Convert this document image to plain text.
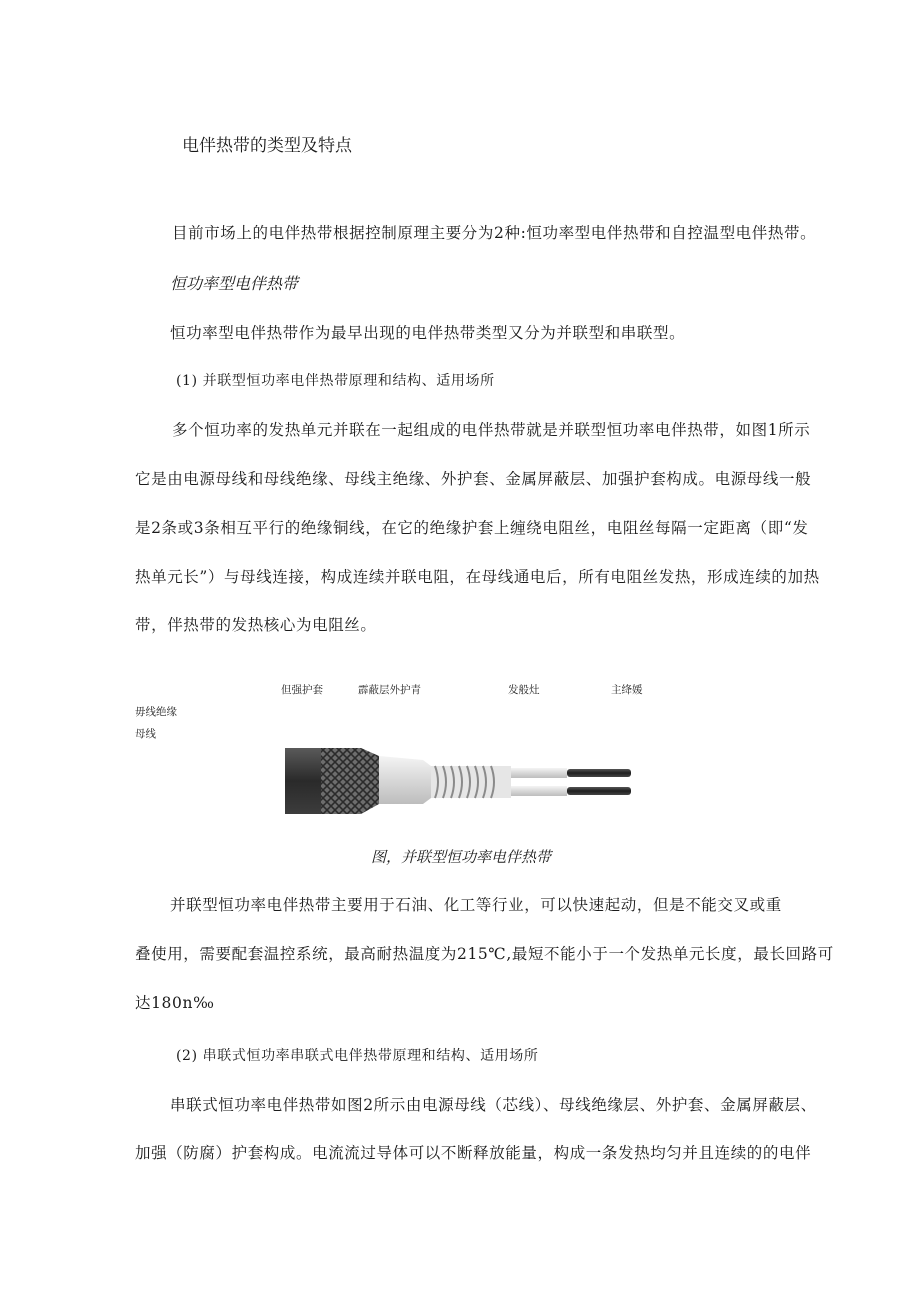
电伴热带的类型及特点
目前市场上的电伴热带根据控制原理主要分为2种:恒功率型电伴热带和自控温型电伴热带。
恒功率型电伴热带
恒功率型电伴热带作为最早出现的电伴热带类型又分为并联型和串联型。
(1) 并联型恒功率电伴热带原理和结构、适用场所
多个恒功率的发热单元并联在一起组成的电伴热带就是并联型恒功率电伴热带，如图1所示
它是由电源母线和母线绝缘、母线主绝缘、外护套、金属屏蔽层、加强护套构成。电源母线一般
是2条或3条相互平行的绝缘铜线，在它的绝缘护套上缠绕电阻丝，电阻丝每隔一定距离（即“发
热单元长”）与母线连接，构成连续并联电阻，在母线通电后，所有电阻丝发热，形成连续的加热
带，伴热带的发热核心为电阻丝。
但强护套	霹蔽层外护青	发般灶	主绛媛
毋线绝缘
母线
图，并联型恒功率电伴热带
并联型恒功率电伴热带主要用于石油、化工等行业，可以快速起动，但是不能交叉或重
叠使用，需要配套温控系统，最高耐热温度为215℃,最短不能小于一个发热单元长度，最长回路可
达180n‰
(2) 串联式恒功率串联式电伴热带原理和结构、适用场所
串联式恒功率电伴热带如图2所示由电源母线（芯线）、母线绝缘层、外护套、金属屏蔽层、
加强（防腐）护套构成。电流流过导体可以不断释放能量，构成一条发热均匀并且连续的的电伴
